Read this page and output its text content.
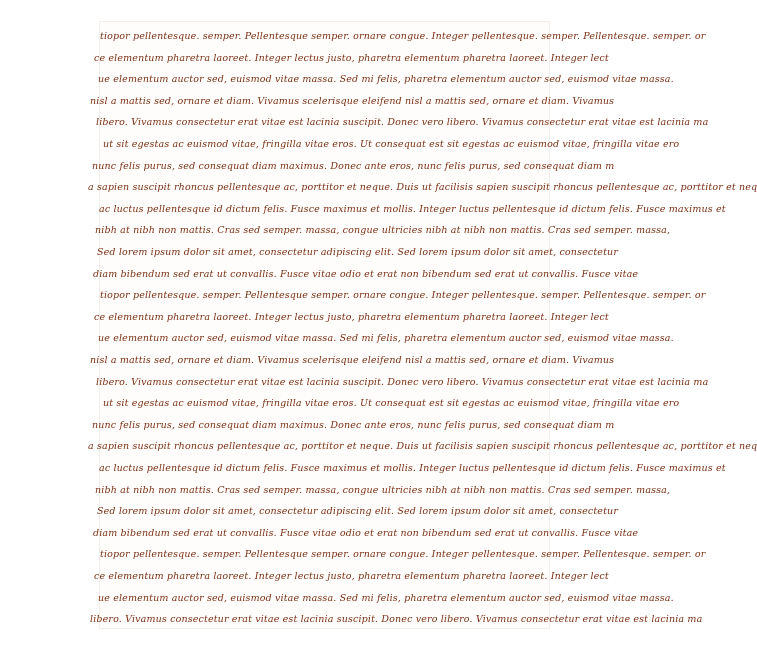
tiopor pellentesque. semper. Pellentesque semper. ornare congue. Integer pellentesque. semper. Pellentesque. semper. or
ce elementum pharetra laoreet. Integer lectus justo, pharetra elementum pharetra laoreet. Integer lect
ue elementum auctor sed, euismod vitae massa. Sed mi felis, pharetra elementum auctor sed, euismod vitae massa.
nisl a mattis sed, ornare et diam. Vivamus scelerisque eleifend nisl a mattis sed, ornare et diam. Vivamus
libero. Vivamus consectetur erat vitae est lacinia suscipit. Donec vero libero. Vivamus consectetur erat vitae est lacinia ma
ut sit egestas ac euismod vitae, fringilla vitae eros. Ut consequat est sit egestas ac euismod vitae, fringilla vitae ero
nunc felis purus, sed consequat diam maximus. Donec ante eros, nunc felis purus, sed consequat diam m
a sapien suscipit rhoncus pellentesque ac, porttitor et neque. Duis ut facilisis sapien suscipit rhoncus pellentesque ac, porttitor et neq
ac luctus pellentesque id dictum felis. Fusce maximus et mollis. Integer luctus pellentesque id dictum felis. Fusce maximus et
nibh at nibh non mattis. Cras sed semper. massa, congue ultricies nibh at nibh non mattis. Cras sed semper. massa,
Sed lorem ipsum dolor sit amet, consectetur adipiscing elit. Sed lorem ipsum dolor sit amet, consectetur
diam bibendum sed erat ut convallis. Fusce vitae odio et erat non bibendum sed erat ut convallis. Fusce vitae
tiopor pellentesque. semper. Pellentesque semper. ornare congue. Integer pellentesque. semper. Pellentesque. semper. or
ce elementum pharetra laoreet. Integer lectus justo, pharetra elementum pharetra laoreet. Integer lect
ue elementum auctor sed, euismod vitae massa. Sed mi felis, pharetra elementum auctor sed, euismod vitae massa.
nisl a mattis sed, ornare et diam. Vivamus scelerisque eleifend nisl a mattis sed, ornare et diam. Vivamus
libero. Vivamus consectetur erat vitae est lacinia suscipit. Donec vero libero. Vivamus consectetur erat vitae est lacinia ma
ut sit egestas ac euismod vitae, fringilla vitae eros. Ut consequat est sit egestas ac euismod vitae, fringilla vitae ero
nunc felis purus, sed consequat diam maximus. Donec ante eros, nunc felis purus, sed consequat diam m
a sapien suscipit rhoncus pellentesque ac, porttitor et neque. Duis ut facilisis sapien suscipit rhoncus pellentesque ac, porttitor et neq
ac luctus pellentesque id dictum felis. Fusce maximus et mollis. Integer luctus pellentesque id dictum felis. Fusce maximus et
nibh at nibh non mattis. Cras sed semper. massa, congue ultricies nibh at nibh non mattis. Cras sed semper. massa,
Sed lorem ipsum dolor sit amet, consectetur adipiscing elit. Sed lorem ipsum dolor sit amet, consectetur
diam bibendum sed erat ut convallis. Fusce vitae odio et erat non bibendum sed erat ut convallis. Fusce vitae
tiopor pellentesque. semper. Pellentesque semper. ornare congue. Integer pellentesque. semper. Pellentesque. semper. or
ce elementum pharetra laoreet. Integer lectus justo, pharetra elementum pharetra laoreet. Integer lect
ue elementum auctor sed, euismod vitae massa. Sed mi felis, pharetra elementum auctor sed, euismod vitae massa.
libero. Vivamus consectetur erat vitae est lacinia suscipit. Donec vero libero. Vivamus consectetur erat vitae est lacinia ma
